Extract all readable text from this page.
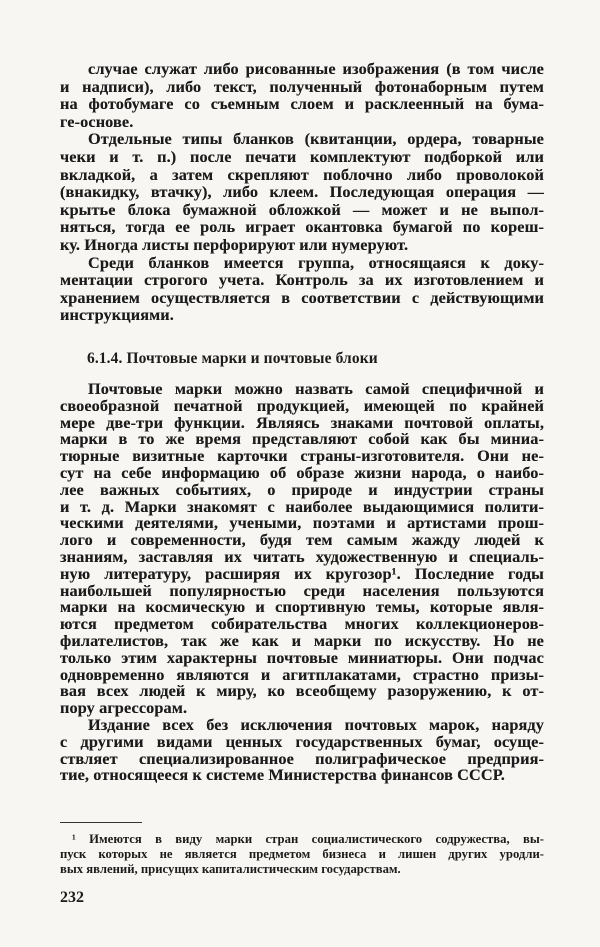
случае служат либо рисованные изображения (в том числе
и надписи), либо текст, полученный фотонаборным путем
на фотобумаге со съемным слоем и расклеенный на бума-
ге-основе.
Отдельные типы бланков (квитанции, ордера, товарные
чеки и т. п.) после печати комплектуют подборкой или
вкладкой, а затем скрепляют поблочно либо проволокой
(внакидку, втачку), либо клеем. Последующая операция —
крытье блока бумажной обложкой — может и не выпол-
няться, тогда ее роль играет окантовка бумагой по кореш-
ку. Иногда листы перфорируют или нумеруют.
Среди бланков имеется группа, относящаяся к доку-
ментации строгого учета. Контроль за их изготовлением и
хранением осуществляется в соответствии с действующими
инструкциями.
6.1.4. Почтовые марки и почтовые блоки
Почтовые марки можно назвать самой специфичной и
своеобразной печатной продукцией, имеющей по крайней
мере две-три функции. Являясь знаками почтовой оплаты,
марки в то же время представляют собой как бы миниа-
тюрные визитные карточки страны-изготовителя. Они не-
сут на себе информацию об образе жизни народа, о наибо-
лее важных событиях, о природе и индустрии страны
и т. д. Марки знакомят с наиболее выдающимися полити-
ческими деятелями, учеными, поэтами и артистами прош-
лого и современности, будя тем самым жажду людей к
знаниям, заставляя их читать художественную и специаль-
ную литературу, расширяя их кругозор¹. Последние годы
наибольшей популярностью среди населения пользуются
марки на космическую и спортивную темы, которые явля-
ются предметом собирательства многих коллекционеров-
филателистов, так же как и марки по искусству. Но не
только этим характерны почтовые миниатюры. Они подчас
одновременно являются и агитплакатами, страстно призы-
вая всех людей к миру, ко всеобщему разоружению, к от-
пору агрессорам.
Издание всех без исключения почтовых марок, наряду
с другими видами ценных государственных бумаг, осуще-
ствляет специализированное полиграфическое предприя-
тие, относящееся к системе Министерства финансов СССР.
¹ Имеются в виду марки стран социалистического содружества, вы-
пуск которых не является предметом бизнеса и лишен других уродли-
вых явлений, присущих капиталистическим государствам.
232
